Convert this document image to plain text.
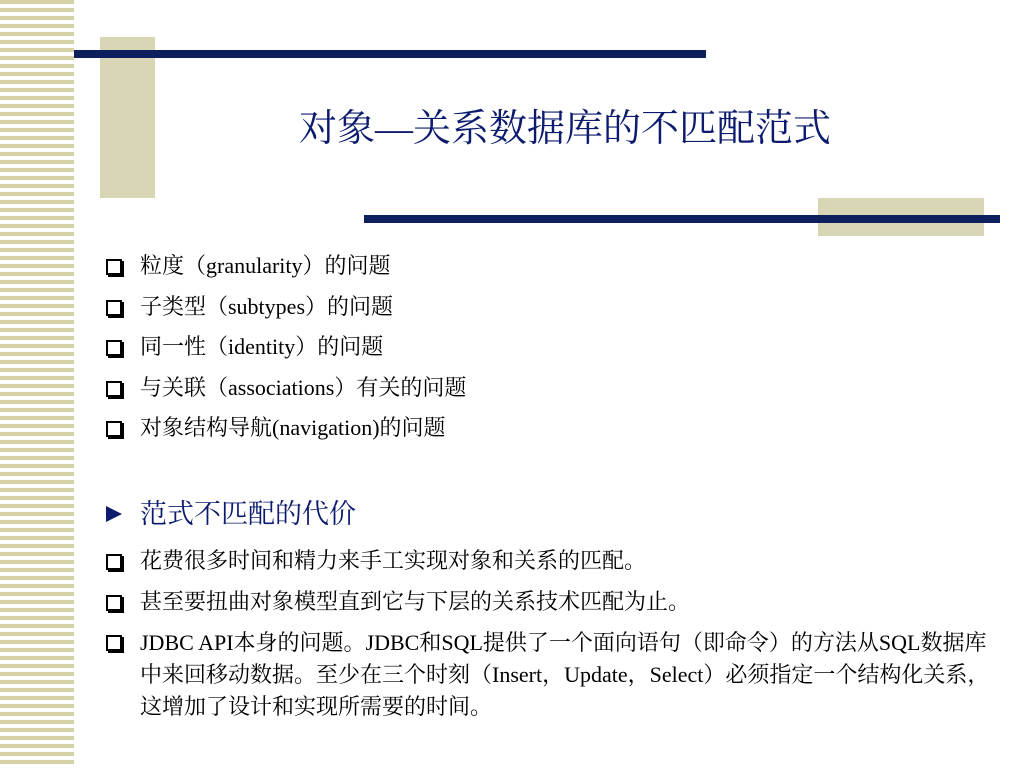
对象—关系数据库的不匹配范式
粒度（granularity）的问题
子类型（subtypes）的问题
同一性（identity）的问题
与关联（associations）有关的问题
对象结构导航(navigation)的问题
范式不匹配的代价
花费很多时间和精力来手工实现对象和关系的匹配。
甚至要扭曲对象模型直到它与下层的关系技术匹配为止。
JDBC API本身的问题。JDBC和SQL提供了一个面向语句（即命令）的方法从SQL数据库中来回移动数据。至少在三个时刻（Insert，Update，Select）必须指定一个结构化关系，这增加了设计和实现所需要的时间。
